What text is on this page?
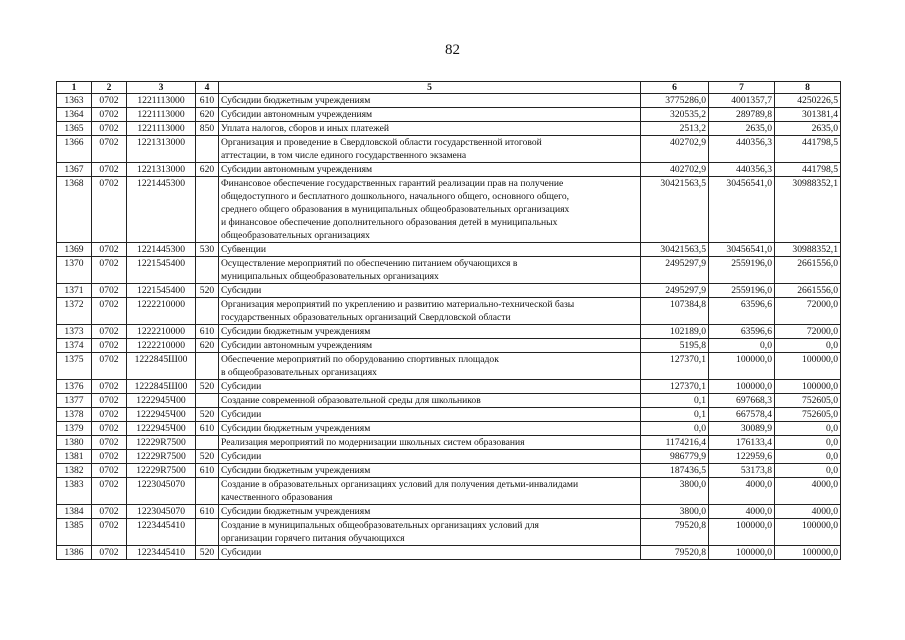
82
1	2	3	4	5	6	7	8
1363	0702	1221113000	610	Субсидии бюджетным учреждениям	3775286,0	4001357,7	4250226,5
1364	0702	1221113000	620	Субсидии автономным учреждениям	320535,2	289789,8	301381,4
1365	0702	1221113000	850	Уплата налогов, сборов и иных платежей	2513,2	2635,0	2635,0
1366	0702	1221313000		Организация и проведение в Свердловской области государственной итоговой
аттестации, в том числе единого государственного экзамена	402702,9	440356,3	441798,5
1367	0702	1221313000	620	Субсидии автономным учреждениям	402702,9	440356,3	441798,5
1368	0702	1221445300		Финансовое обеспечение государственных гарантий реализации прав на получение
общедоступного и бесплатного дошкольного, начального общего, основного общего,
среднего общего образования в муниципальных общеобразовательных организациях
и финансовое обеспечение дополнительного образования детей в муниципальных
общеобразовательных организациях	30421563,5	30456541,0	30988352,1
1369	0702	1221445300	530	Субвенции	30421563,5	30456541,0	30988352,1
1370	0702	1221545400		Осуществление мероприятий по обеспечению питанием обучающихся в
муниципальных общеобразовательных организациях	2495297,9	2559196,0	2661556,0
1371	0702	1221545400	520	Субсидии	2495297,9	2559196,0	2661556,0
1372	0702	1222210000		Организация мероприятий по укреплению и развитию материально-технической базы
государственных образовательных организаций Свердловской области	107384,8	63596,6	72000,0
1373	0702	1222210000	610	Субсидии бюджетным учреждениям	102189,0	63596,6	72000,0
1374	0702	1222210000	620	Субсидии автономным учреждениям	5195,8	0,0	0,0
1375	0702	1222845Ш00		Обеспечение мероприятий по оборудованию спортивных площадок
в общеобразовательных организациях	127370,1	100000,0	100000,0
1376	0702	1222845Ш00	520	Субсидии	127370,1	100000,0	100000,0
1377	0702	1222945Ч00		Создание современной образовательной среды для школьников	0,1	697668,3	752605,0
1378	0702	1222945Ч00	520	Субсидии	0,1	667578,4	752605,0
1379	0702	1222945Ч00	610	Субсидии бюджетным учреждениям	0,0	30089,9	0,0
1380	0702	12229R7500		Реализация мероприятий по модернизации школьных систем образования	1174216,4	176133,4	0,0
1381	0702	12229R7500	520	Субсидии	986779,9	122959,6	0,0
1382	0702	12229R7500	610	Субсидии бюджетным учреждениям	187436,5	53173,8	0,0
1383	0702	1223045070		Создание в образовательных организациях условий для получения детьми-инвалидами
качественного образования	3800,0	4000,0	4000,0
1384	0702	1223045070	610	Субсидии бюджетным учреждениям	3800,0	4000,0	4000,0
1385	0702	1223445410		Создание в муниципальных общеобразовательных организациях условий для
организации горячего питания обучающихся	79520,8	100000,0	100000,0
1386	0702	1223445410	520	Субсидии	79520,8	100000,0	100000,0
